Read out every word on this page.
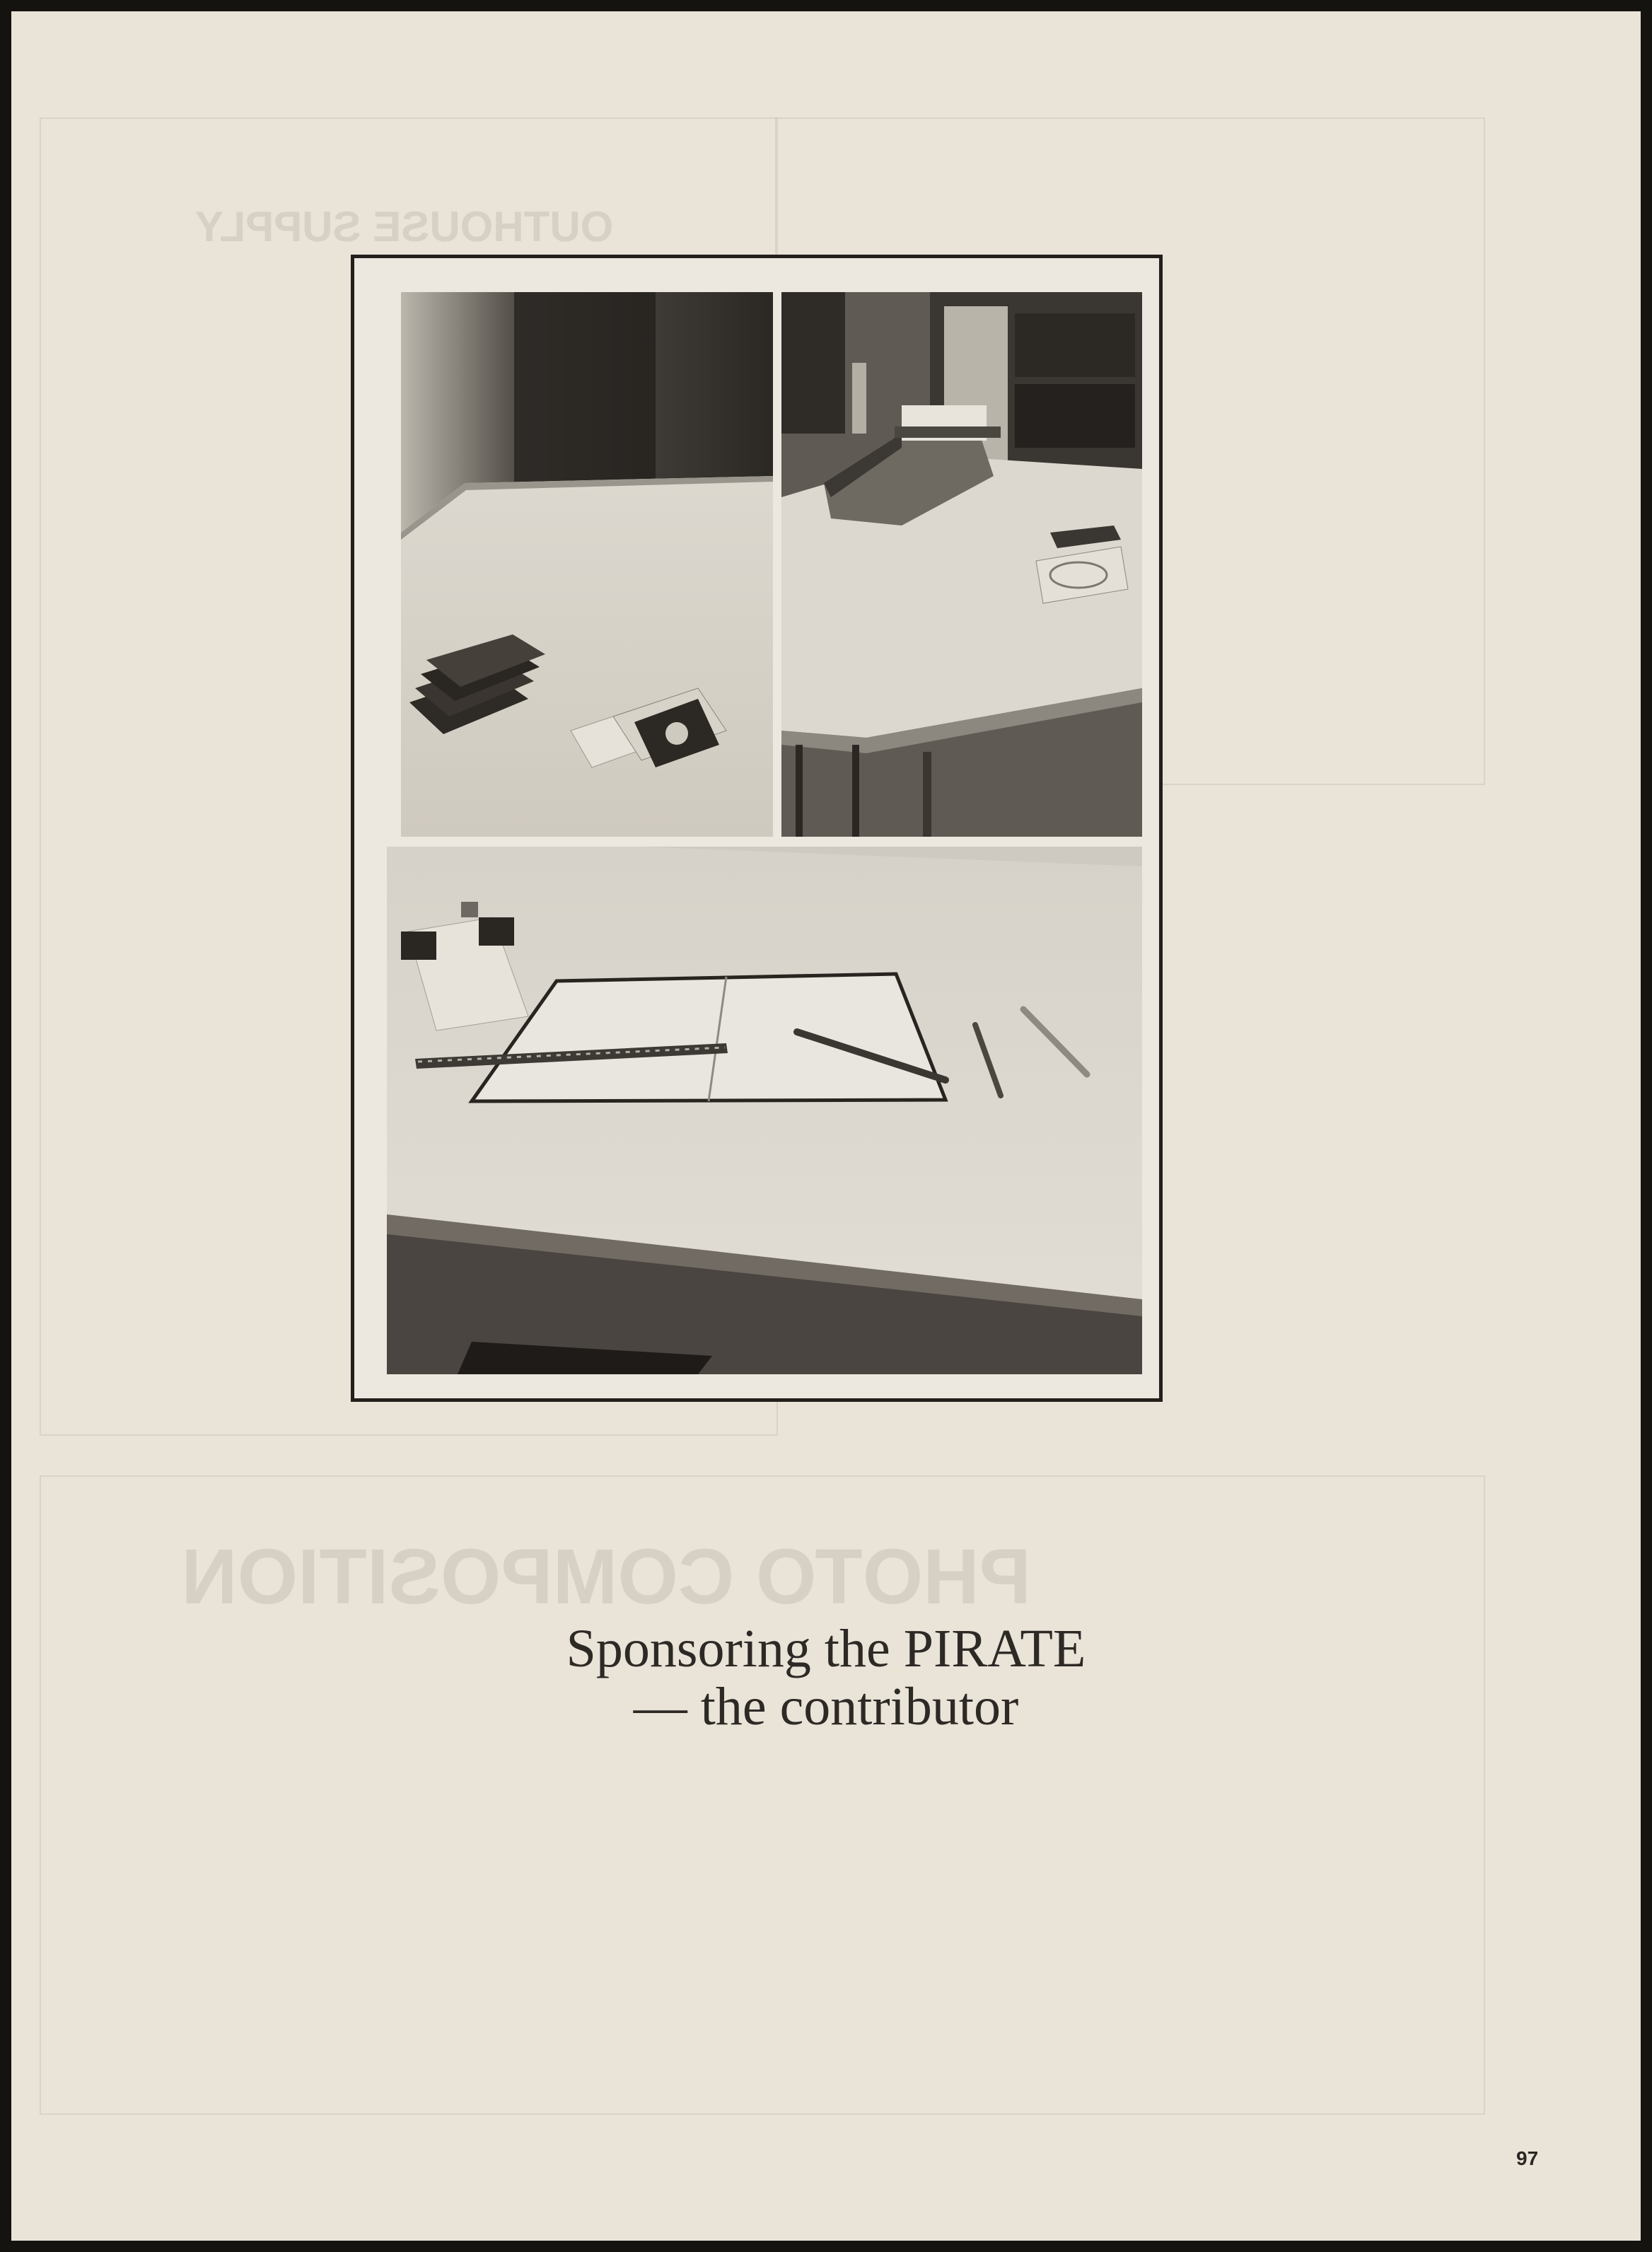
OUTHOUSE SUPPLY
PHOTO COMPOSITION
Sponsoring the PIRATE
— the contributor
97
